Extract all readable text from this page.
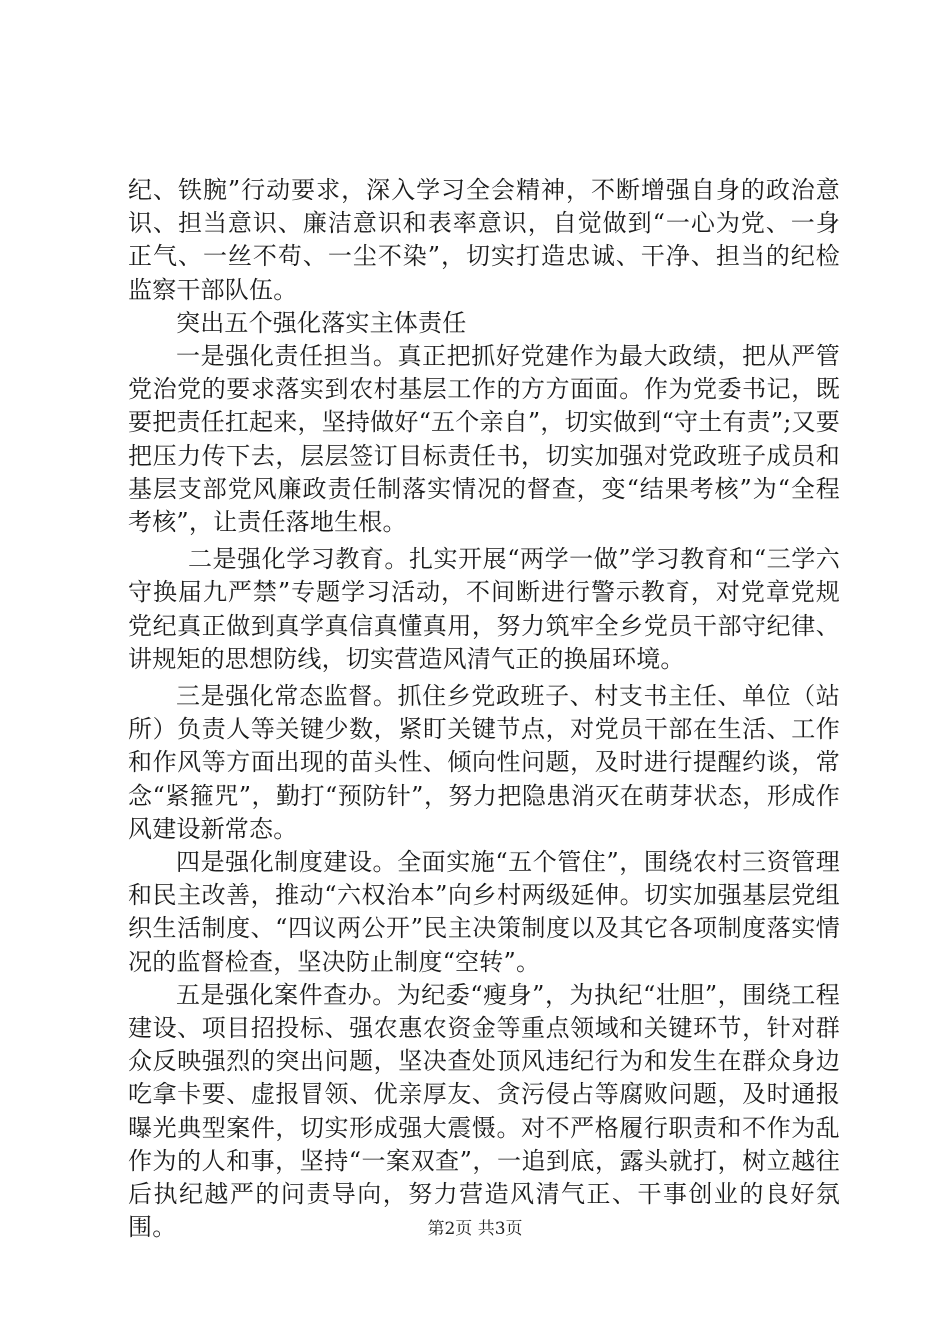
纪、铁腕”行动要求，深入学习全会精神，不断增强自身的政治意识、担当意识、廉洁意识和表率意识，自觉做到“一心为党、一身正气、一丝不苟、一尘不染”，切实打造忠诚、干净、担当的纪检监察干部队伍。

突出五个强化落实主体责任

一是强化责任担当。真正把抓好党建作为最大政绩，把从严管党治党的要求落实到农村基层工作的方方面面。作为党委书记，既要把责任扛起来，坚持做好“五个亲自”，切实做到“守土有责”;又要把压力传下去，层层签订目标责任书，切实加强对党政班子成员和基层支部党风廉政责任制落实情况的督查，变“结果考核”为“全程考核”，让责任落地生根。

二是强化学习教育。扎实开展“两学一做”学习教育和“三学六守换届九严禁”专题学习活动，不间断进行警示教育，对党章党规党纪真正做到真学真信真懂真用，努力筑牢全乡党员干部守纪律、讲规矩的思想防线，切实营造风清气正的换届环境。

三是强化常态监督。抓住乡党政班子、村支书主任、单位（站所）负责人等关键少数，紧盯关键节点，对党员干部在生活、工作和作风等方面出现的苗头性、倾向性问题，及时进行提醒约谈，常念“紧箍咒”，勤打“预防针”，努力把隐患消灭在萌芽状态，形成作风建设新常态。

四是强化制度建设。全面实施“五个管住”，围绕农村三资管理和民主改善，推动“六权治本”向乡村两级延伸。切实加强基层党组织生活制度、“四议两公开”民主决策制度以及其它各项制度落实情况的监督检查，坚决防止制度“空转”。

五是强化案件查办。为纪委“瘦身”，为执纪“壮胆”，围绕工程建设、项目招投标、强农惠农资金等重点领域和关键环节，针对群众反映强烈的突出问题，坚决查处顶风违纪行为和发生在群众身边吃拿卡要、虚报冒领、优亲厚友、贪污侵占等腐败问题，及时通报曝光典型案件，切实形成强大震慑。对不严格履行职责和不作为乱作为的人和事，坚持“一案双查”，一追到底，露头就打，树立越往后执纪越严的问责导向，努力营造风清气正、干事创业的良好氛围。	第2页 共3页
